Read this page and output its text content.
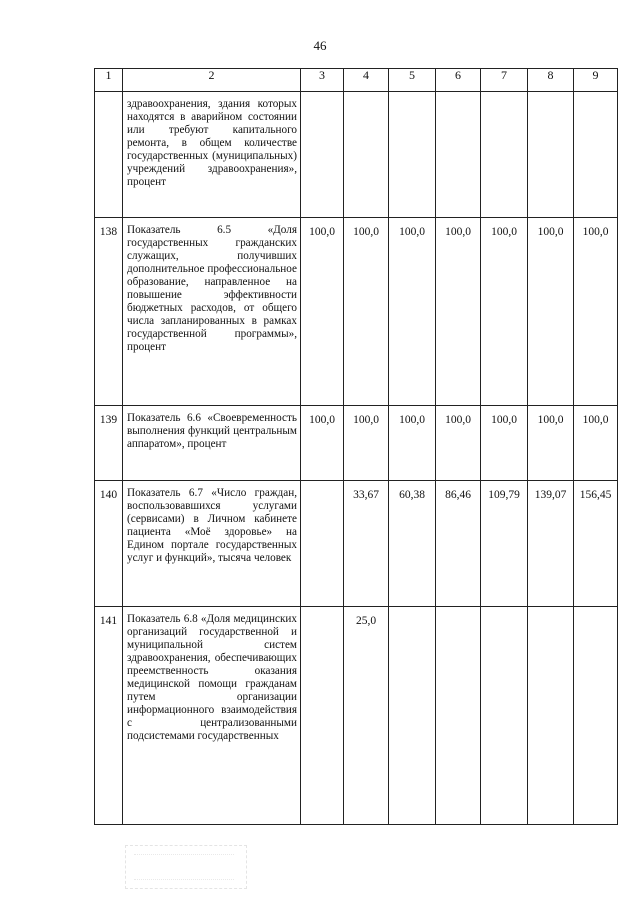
46
1	2	3	4	5	6	7	8	9
	здравоохранения, здания которых находятся в аварийном состоянии или требуют капитального ремонта, в общем количестве государственных (муниципальных) учреждений здравоохранения», процент							
138	Показатель 6.5 «Доля государственных гражданских служащих, получивших дополнительное профессиональное образование, направленное на повышение эффективности бюджетных расходов, от общего числа запланированных в рамках государственной программы», процент	100,0	100,0	100,0	100,0	100,0	100,0	100,0
139	Показатель 6.6 «Своевременность выполнения функций центральным аппаратом», процент	100,0	100,0	100,0	100,0	100,0	100,0	100,0
140	Показатель 6.7 «Число граждан, воспользовавшихся услугами (сервисами) в Личном кабинете пациента «Моё здоровье» на Едином портале государственных услуг и функций», тысяча человек		33,67	60,38	86,46	109,79	139,07	156,45
141	Показатель 6.8 «Доля медицинских организаций государственной и муниципальной систем здравоохранения, обеспечивающих преемственность оказания медицинской помощи гражданам путем организации информационного взаимодействия с централизованными подсистемами государственных		25,0					
